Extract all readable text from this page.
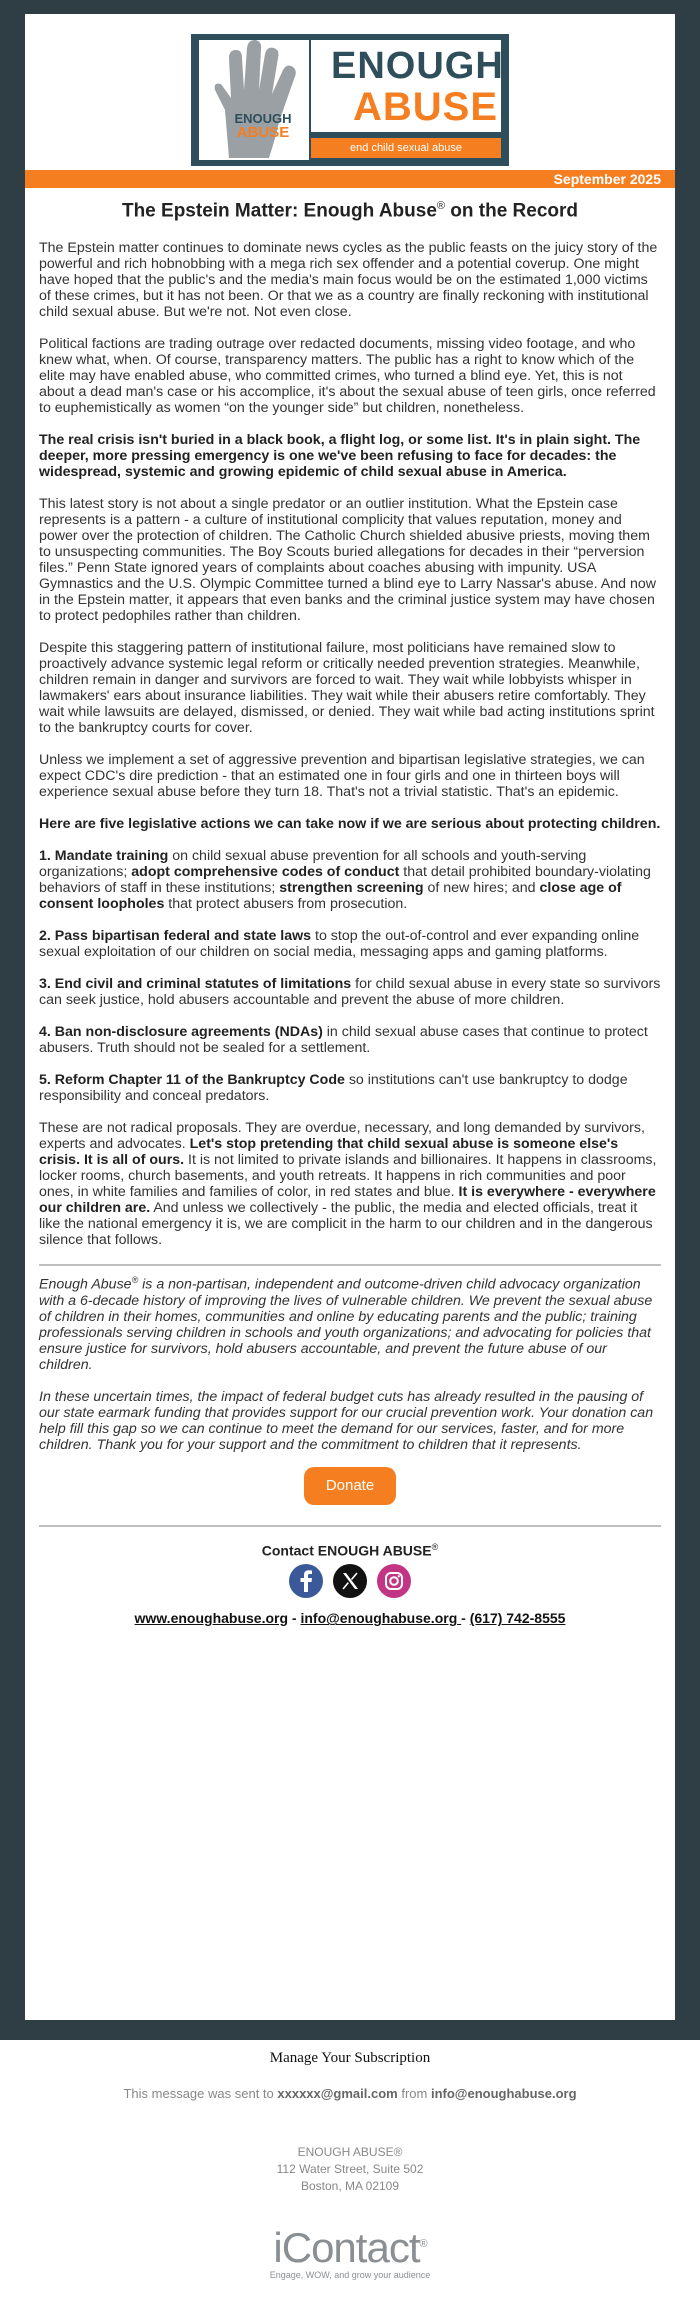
ENOUGH
ABUSE
ENOUGH
ABUSE
end child sexual abuse
September 2025
The Epstein Matter: Enough Abuse® on the Record

The Epstein matter continues to dominate news cycles as the public feasts on the juicy story of the powerful and rich hobnobbing with a mega rich sex offender and a potential coverup. One might have hoped that the public's and the media's main focus would be on the estimated 1,000 victims of these crimes, but it has not been. Or that we as a country are finally reckoning with institutional child sexual abuse. But we're not. Not even close.

Political factions are trading outrage over redacted documents, missing video footage, and who knew what, when. Of course, transparency matters. The public has a right to know which of the elite may have enabled abuse, who committed crimes, who turned a blind eye. Yet, this is not about a dead man's case or his accomplice, it's about the sexual abuse of teen girls, once referred to euphemistically as women “on the younger side” but children, nonetheless.

The real crisis isn't buried in a black book, a flight log, or some list. It's in plain sight. The deeper, more pressing emergency is one we've been refusing to face for decades: the widespread, systemic and growing epidemic of child sexual abuse in America.

This latest story is not about a single predator or an outlier institution. What the Epstein case represents is a pattern - a culture of institutional complicity that values reputation, money and power over the protection of children. The Catholic Church shielded abusive priests, moving them to unsuspecting communities. The Boy Scouts buried allegations for decades in their “perversion files.” Penn State ignored years of complaints about coaches abusing with impunity. USA Gymnastics and the U.S. Olympic Committee turned a blind eye to Larry Nassar's abuse. And now in the Epstein matter, it appears that even banks and the criminal justice system may have chosen to protect pedophiles rather than children.

Despite this staggering pattern of institutional failure, most politicians have remained slow to proactively advance systemic legal reform or critically needed prevention strategies. Meanwhile, children remain in danger and survivors are forced to wait. They wait while lobbyists whisper in lawmakers' ears about insurance liabilities. They wait while their abusers retire comfortably. They wait while lawsuits are delayed, dismissed, or denied. They wait while bad acting institutions sprint to the bankruptcy courts for cover.

Unless we implement a set of aggressive prevention and bipartisan legislative strategies, we can expect CDC's dire prediction - that an estimated one in four girls and one in thirteen boys will experience sexual abuse before they turn 18. That's not a trivial statistic. That's an epidemic.

Here are five legislative actions we can take now if we are serious about protecting children.

1. Mandate training on child sexual abuse prevention for all schools and youth-serving organizations; adopt comprehensive codes of conduct that detail prohibited boundary-violating behaviors of staff in these institutions; strengthen screening of new hires; and close age of consent loopholes that protect abusers from prosecution.

2. Pass bipartisan federal and state laws to stop the out-of-control and ever expanding online sexual exploitation of our children on social media, messaging apps and gaming platforms.

3. End civil and criminal statutes of limitations for child sexual abuse in every state so survivors can seek justice, hold abusers accountable and prevent the abuse of more children.

4. Ban non-disclosure agreements (NDAs) in child sexual abuse cases that continue to protect abusers. Truth should not be sealed for a settlement.

5. Reform Chapter 11 of the Bankruptcy Code so institutions can't use bankruptcy to dodge responsibility and conceal predators.

These are not radical proposals. They are overdue, necessary, and long demanded by survivors, experts and advocates. Let's stop pretending that child sexual abuse is someone else's crisis. It is all of ours. It is not limited to private islands and billionaires. It happens in classrooms, locker rooms, church basements, and youth retreats. It happens in rich communities and poor ones, in white families and families of color, in red states and blue. It is everywhere - everywhere our children are. And unless we collectively - the public, the media and elected officials, treat it like the national emergency it is, we are complicit in the harm to our children and in the dangerous silence that follows.

Enough Abuse® is a non-partisan, independent and outcome-driven child advocacy organization with a 6-decade history of improving the lives of vulnerable children. We prevent the sexual abuse of children in their homes, communities and online by educating parents and the public; training professionals serving children in schools and youth organizations; and advocating for policies that ensure justice for survivors, hold abusers accountable, and prevent the future abuse of our children.

In these uncertain times, the impact of federal budget cuts has already resulted in the pausing of our state earmark funding that provides support for our crucial prevention work. Your donation can help fill this gap so we can continue to meet the demand for our services, faster, and for more children. Thank you for your support and the commitment to children that it represents.

Donate
Contact ENOUGH ABUSE®

www.enoughabuse.org - info@enoughabuse.org - (617) 742-8555
Manage Your Subscription
This message was sent to xxxxxx@gmail.com from info@enoughabuse.org
ENOUGH ABUSE®
112 Water Street, Suite 502
Boston, MA 02109
iContact®
Engage, WOW, and grow your audience
